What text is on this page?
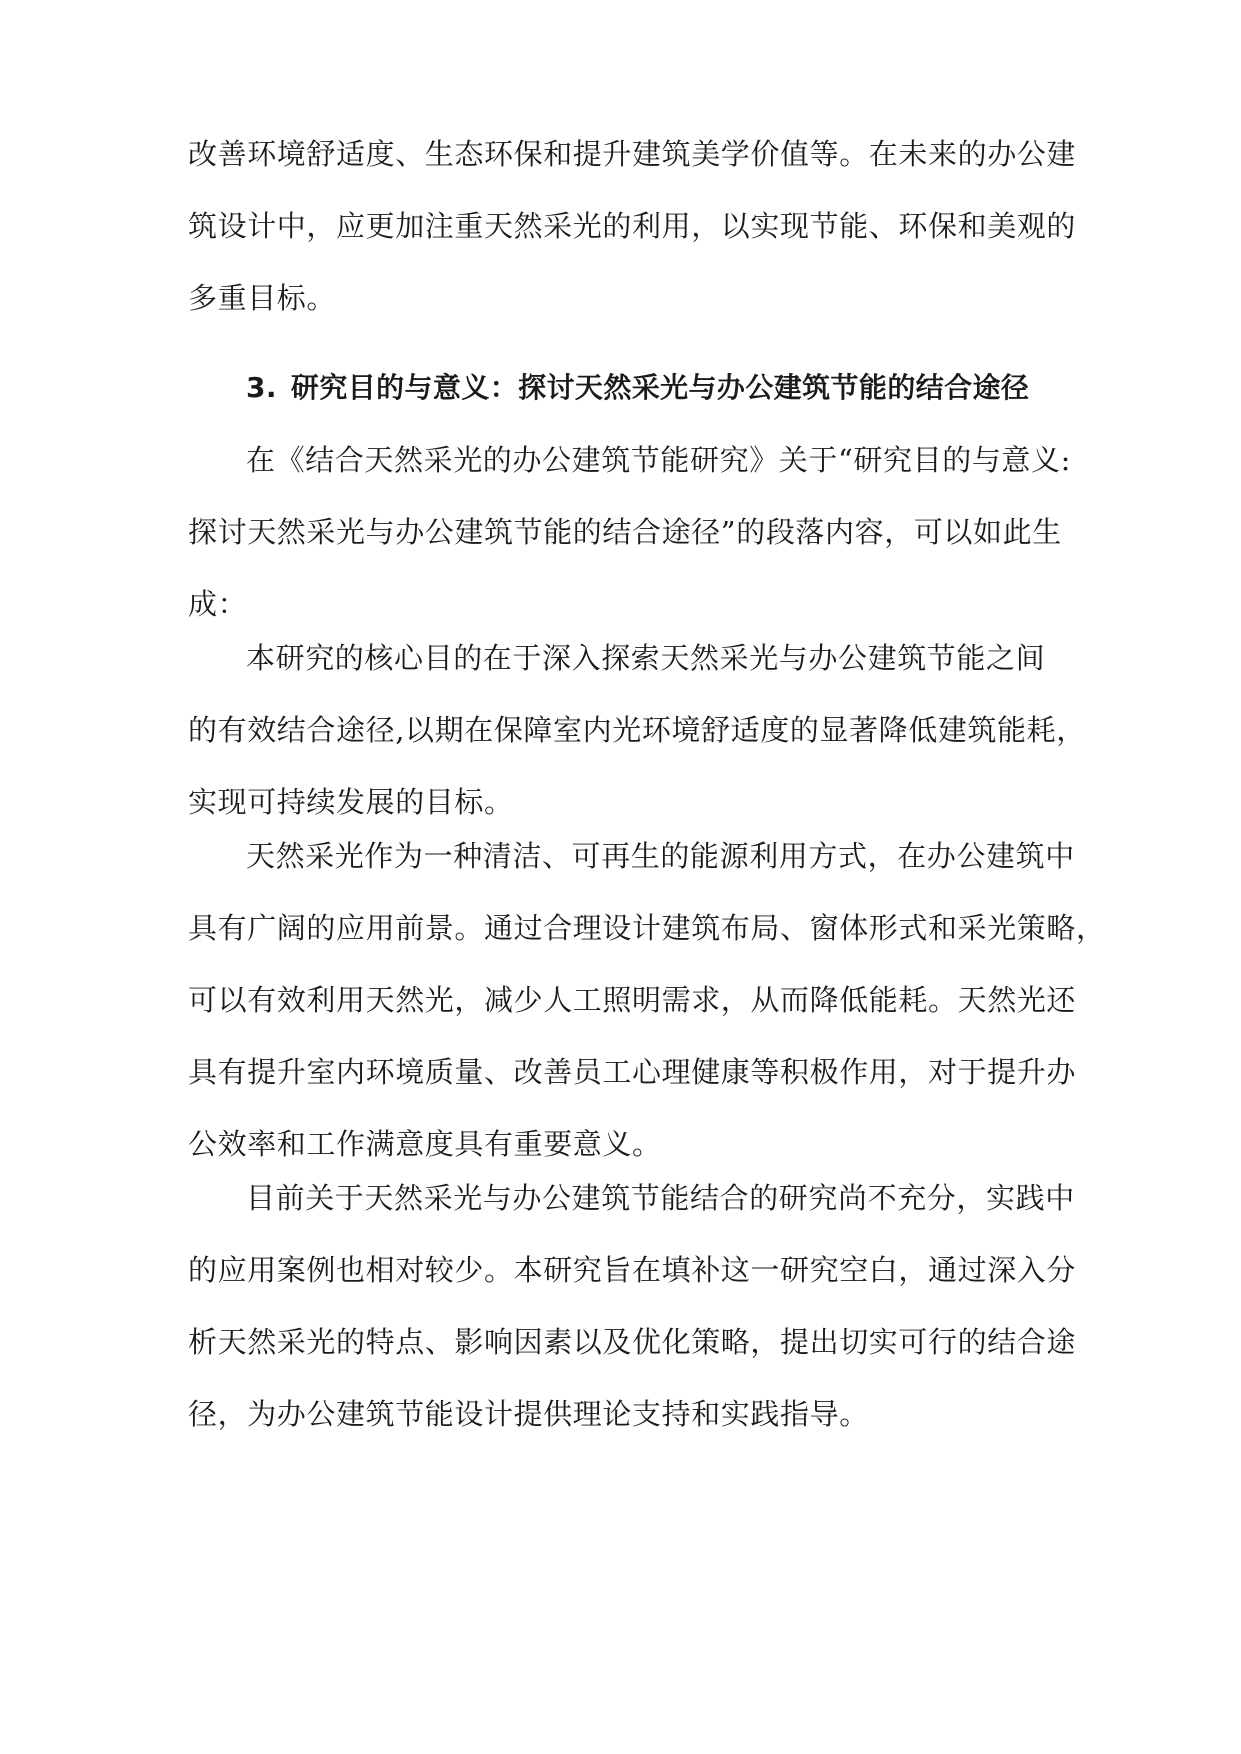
改善环境舒适度、生态环保和提升建筑美学价值等。在未来的办公建
筑设计中，应更加注重天然采光的利用，以实现节能、环保和美观的
多重目标。
3. 研究目的与意义：探讨天然采光与办公建筑节能的结合途径
在《结合天然采光的办公建筑节能研究》关于“研究目的与意义:
探讨天然采光与办公建筑节能的结合途径”的段落内容，可以如此生
成：
本研究的核心目的在于深入探索天然采光与办公建筑节能之间
的有效结合途径,以期在保障室内光环境舒适度的显著降低建筑能耗，
实现可持续发展的目标。
天然采光作为一种清洁、可再生的能源利用方式，在办公建筑中
具有广阔的应用前景。通过合理设计建筑布局、窗体形式和采光策略，
可以有效利用天然光，减少人工照明需求，从而降低能耗。天然光还
具有提升室内环境质量、改善员工心理健康等积极作用，对于提升办
公效率和工作满意度具有重要意义。
目前关于天然采光与办公建筑节能结合的研究尚不充分，实践中
的应用案例也相对较少。本研究旨在填补这一研究空白，通过深入分
析天然采光的特点、影响因素以及优化策略，提出切实可行的结合途
径，为办公建筑节能设计提供理论支持和实践指导。
